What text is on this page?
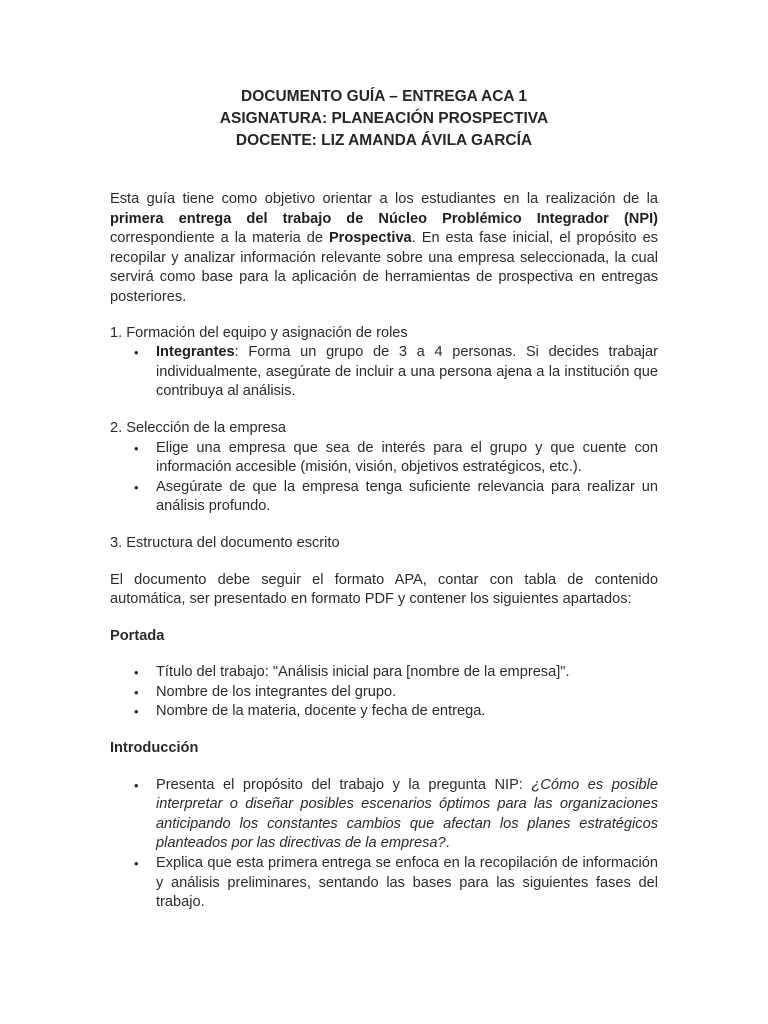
DOCUMENTO GUÍA – ENTREGA ACA 1
ASIGNATURA: PLANEACIÓN PROSPECTIVA
DOCENTE: LIZ AMANDA ÁVILA GARCÍA

Esta guía tiene como objetivo orientar a los estudiantes en la realización de la primera entrega del trabajo de Núcleo Problémico Integrador (NPI) correspondiente a la materia de Prospectiva. En esta fase inicial, el propósito es recopilar y analizar información relevante sobre una empresa seleccionada, la cual servirá como base para la aplicación de herramientas de prospectiva en entregas posteriores.

1. Formación del equipo y asignación de roles

• Integrantes: Forma un grupo de 3 a 4 personas. Si decides trabajar individualmente, asegúrate de incluir a una persona ajena a la institución que contribuya al análisis.

2. Selección de la empresa

• Elige una empresa que sea de interés para el grupo y que cuente con información accesible (misión, visión, objetivos estratégicos, etc.).
• Asegúrate de que la empresa tenga suficiente relevancia para realizar un análisis profundo.

3. Estructura del documento escrito

El documento debe seguir el formato APA, contar con tabla de contenido automática, ser presentado en formato PDF y contener los siguientes apartados:

Portada

• Título del trabajo: "Análisis inicial para [nombre de la empresa]".
• Nombre de los integrantes del grupo.
• Nombre de la materia, docente y fecha de entrega.

Introducción

• Presenta el propósito del trabajo y la pregunta NIP: ¿Cómo es posible interpretar o diseñar posibles escenarios óptimos para las organizaciones anticipando los constantes cambios que afectan los planes estratégicos planteados por las directivas de la empresa?.
• Explica que esta primera entrega se enfoca en la recopilación de información y análisis preliminares, sentando las bases para las siguientes fases del trabajo.
